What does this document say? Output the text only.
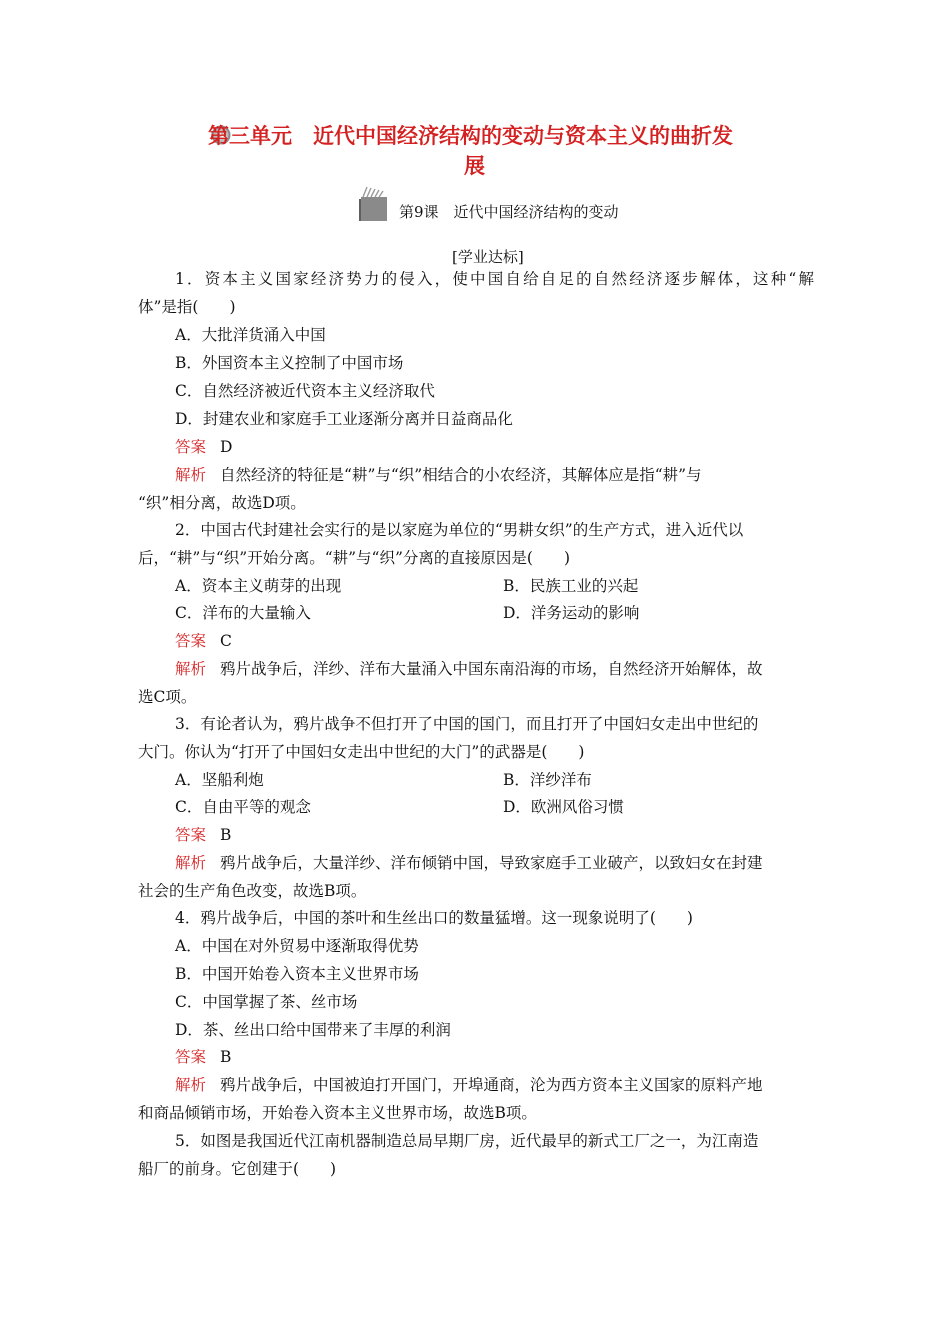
第三单元　近代中国经济结构的变动与资本主义的曲折发
展
第9课　近代中国经济结构的变动
[学业达标]
1．资本主义国家经济势力的侵入，使中国自给自足的自然经济逐步解体，这种“解
体”是指(　　)
A．大批洋货涌入中国
B．外国资本主义控制了中国市场
C．自然经济被近代资本主义经济取代
D．封建农业和家庭手工业逐渐分离并日益商品化
答案 D
解析 自然经济的特征是“耕”与“织”相结合的小农经济，其解体应是指“耕”与
“织”相分离，故选D项。
2．中国古代封建社会实行的是以家庭为单位的“男耕女织”的生产方式，进入近代以
后，“耕”与“织”开始分离。“耕”与“织”分离的直接原因是(　　)
A．资本主义萌芽的出现	B．民族工业的兴起
C．洋布的大量输入	D．洋务运动的影响
答案 C
解析 鸦片战争后，洋纱、洋布大量涌入中国东南沿海的市场，自然经济开始解体，故
选C项。
3．有论者认为，鸦片战争不但打开了中国的国门，而且打开了中国妇女走出中世纪的
大门。你认为“打开了中国妇女走出中世纪的大门”的武器是(　　)
A．坚船利炮	B．洋纱洋布
C．自由平等的观念	D．欧洲风俗习惯
答案 B
解析 鸦片战争后，大量洋纱、洋布倾销中国，导致家庭手工业破产，以致妇女在封建
社会的生产角色改变，故选B项。
4．鸦片战争后，中国的茶叶和生丝出口的数量猛增。这一现象说明了(　　)
A．中国在对外贸易中逐渐取得优势
B．中国开始卷入资本主义世界市场
C．中国掌握了茶、丝市场
D．茶、丝出口给中国带来了丰厚的利润
答案 B
解析 鸦片战争后，中国被迫打开国门，开埠通商，沦为西方资本主义国家的原料产地
和商品倾销市场，开始卷入资本主义世界市场，故选B项。
5．如图是我国近代江南机器制造总局早期厂房，近代最早的新式工厂之一，为江南造
船厂的前身。它创建于(　　)
